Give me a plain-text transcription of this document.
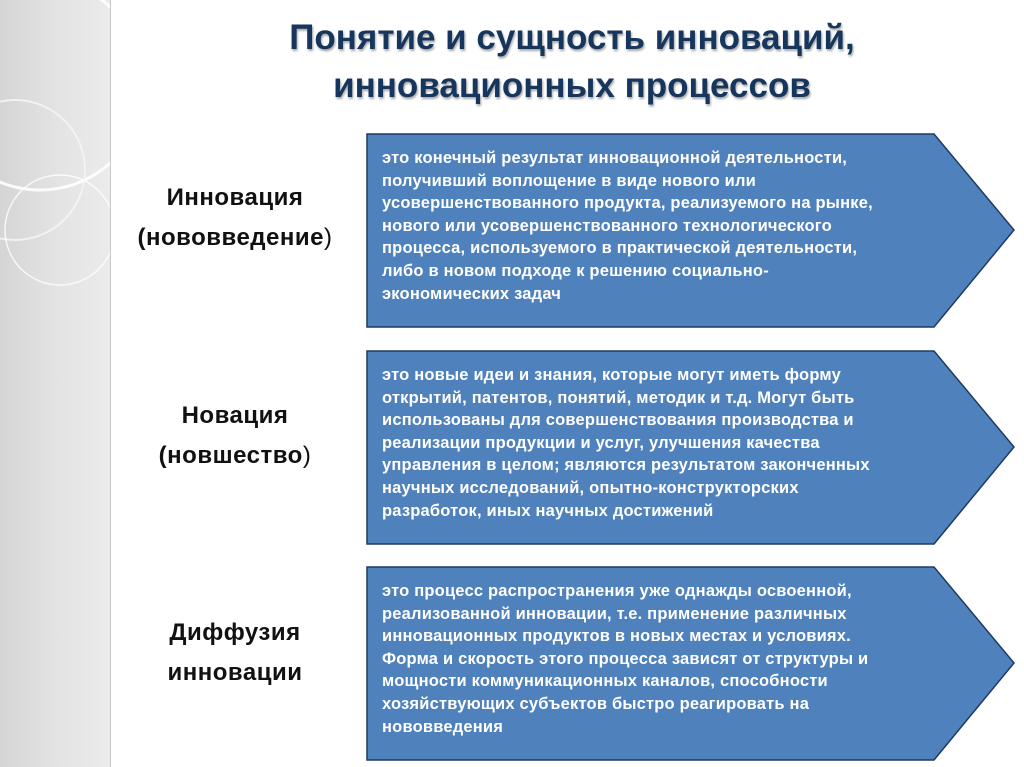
Понятие и сущность инноваций,
инновационных процессов
Инновация
(нововведение)
это конечный результат инновационной деятельности,
получивший воплощение в виде нового или
усовершенствованного продукта, реализуемого на рынке,
нового или усовершенствованного технологического
процесса, используемого в практической деятельности,
либо в новом подходе к решению социально-
экономических задач
Новация
(новшество)
это новые идеи и знания, которые могут иметь форму
открытий, патентов, понятий, методик и т.д. Могут быть
использованы для совершенствования производства и
реализации продукции и услуг, улучшения качества
управления в целом; являются результатом законченных
научных исследований, опытно-конструкторских
разработок, иных научных достижений
Диффузия
инновации
это процесс распространения уже однажды освоенной,
реализованной инновации, т.е. применение различных
инновационных продуктов в новых местах и условиях.
Форма и скорость этого процесса зависят от структуры и
мощности коммуникационных каналов, способности
хозяйствующих субъектов быстро реагировать на
нововведения
